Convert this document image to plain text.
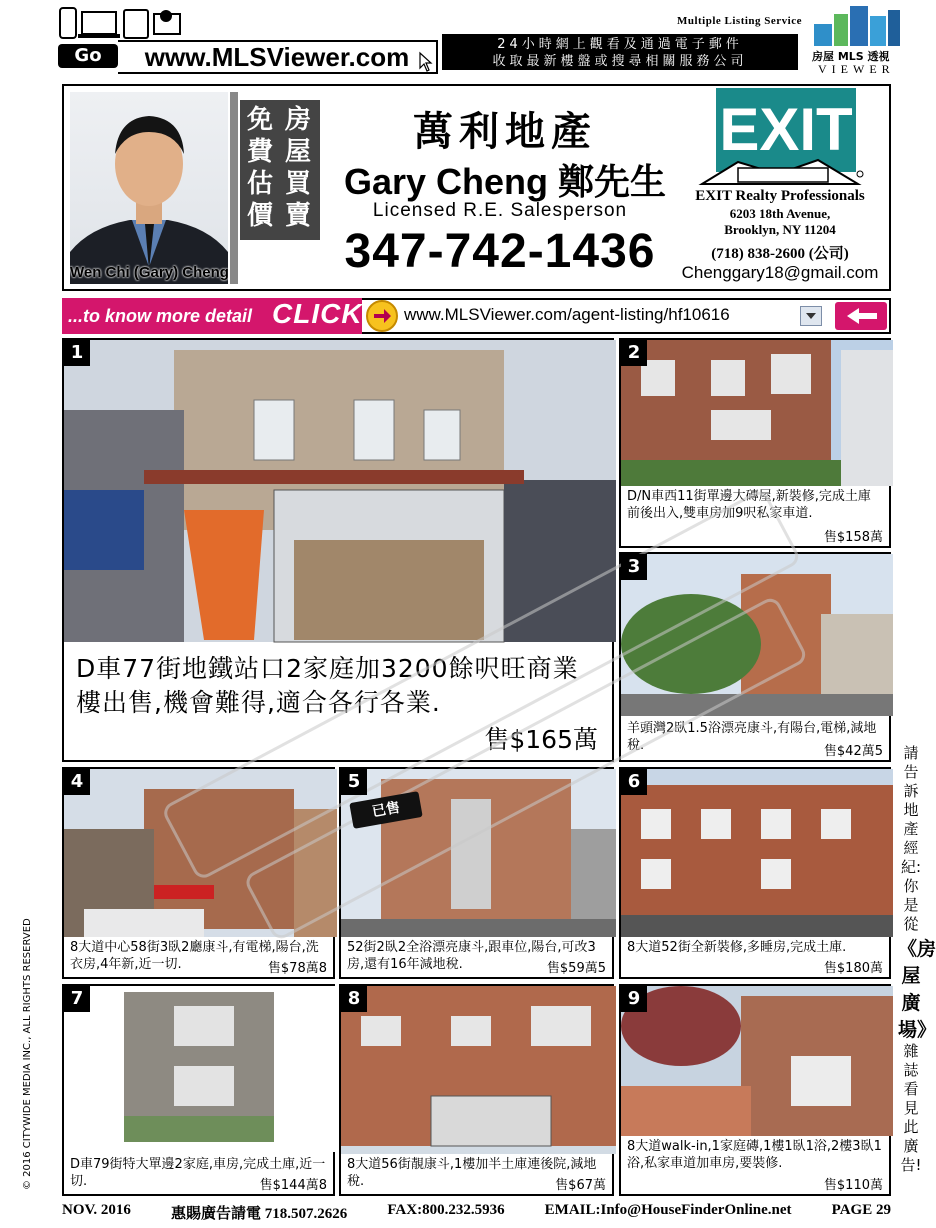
Go	www.MLSViewer.com
Multiple Listing Service
24小時網上觀看及通過電子郵件
收取最新樓盤或搜尋相關服務公司	房屋 MLS 透視
VIEWER
Wen Chi (Gary) Cheng
免費估價
房屋買賣
萬利地產
Gary Cheng 鄭先生
Licensed R.E. Salesperson
347-742-1436
EXIT
EXIT Realty Professionals
6203 18th Avenue,
Brooklyn, NY 11204
(718) 838-2600 (公司)
Chenggary18@gmail.com
...to know more detail CLICK www.MLSViewer.com/agent-listing/hf10616
1
D車77街地鐵站口2家庭加3200餘呎旺商業樓出售,機會難得,適合各行各業.
售$165萬
2
D/N車西11街單邊大磚屋,新裝修,完成土庫前後出入,雙車房加9呎私家車道.
售$158萬
3
羊頭灣2臥1.5浴漂亮康斗,有陽台,電梯,減地稅.	售$42萬5
4
8大道中心58街3臥2廳康斗,有電梯,陽台,洗衣房,4年新,近一切.	售$78萬8
5
已售
52街2臥2全浴漂亮康斗,跟車位,陽台,可改3房,還有16年減地稅.	售$59萬5
6
8大道52街全新裝修,多睡房,完成土庫.
售$180萬
7
D車79街特大單邊2家庭,車房,完成土庫,近一切.	售$144萬8
8
8大道56街靚康斗,1樓加半土庫連後院,減地稅.	售$67萬
9
8大道walk-in,1家庭磚,1樓1臥1浴,2樓3臥1浴,私家車道加車房,要裝修.
售$110萬
請告訴地產經紀:你是從
《房屋廣場》
雜誌看見此廣告!
© 2016 CITYWIDE MEDIA INC., ALL RIGHTS RESERVED
NOV. 2016	惠賜廣告請電 718.507.2626	FAX:800.232.5936	EMAIL:Info@HouseFinderOnline.net	PAGE 29
